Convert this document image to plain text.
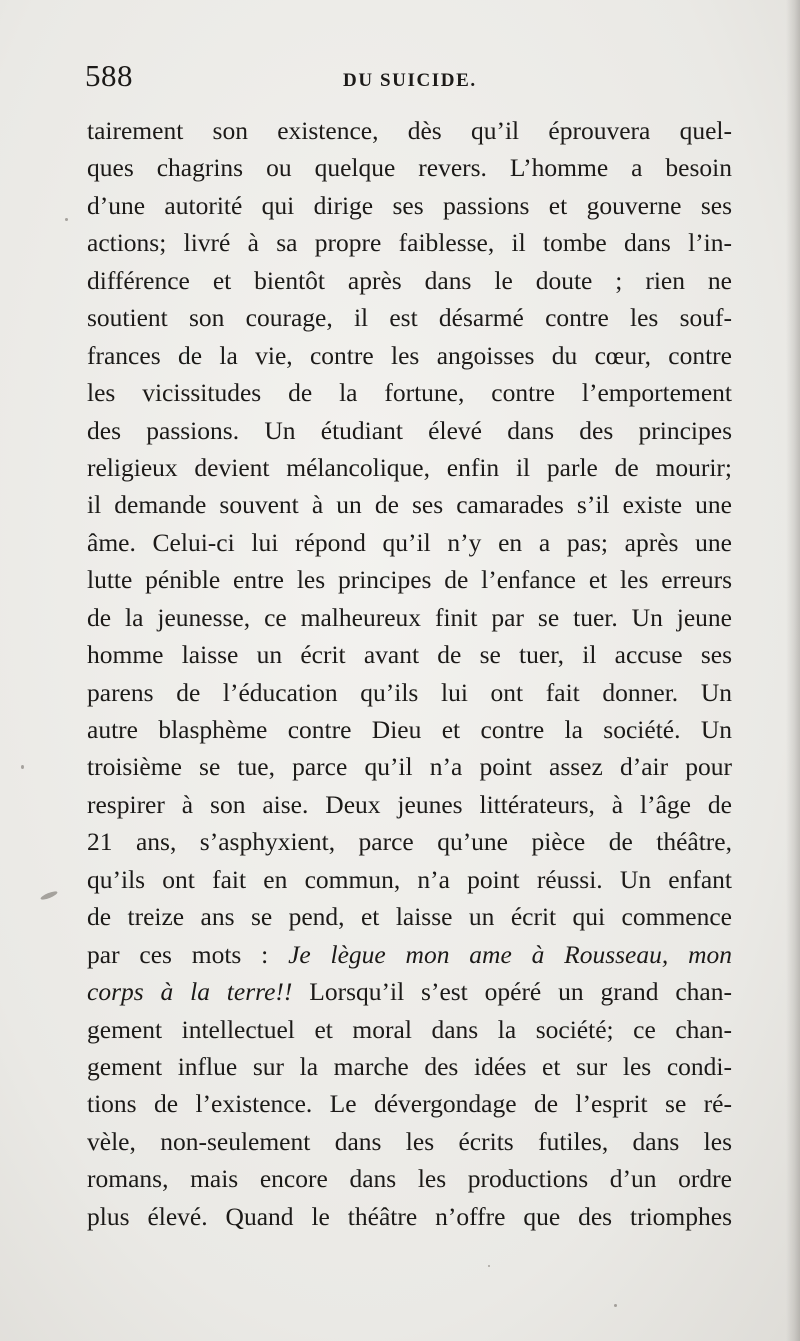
588	DU SUICIDE.
tairement son existence, dès qu’il éprouvera quel-
ques chagrins ou quelque revers. L’homme a besoin
d’une autorité qui dirige ses passions et gouverne ses
actions; livré à sa propre faiblesse, il tombe dans l’in-
différence et bientôt après dans le doute ; rien ne
soutient son courage, il est désarmé contre les souf-
frances de la vie, contre les angoisses du cœur, contre
les vicissitudes de la fortune, contre l’emportement
des passions. Un étudiant élevé dans des principes
religieux devient mélancolique, enfin il parle de mourir;
il demande souvent à un de ses camarades s’il existe une
âme. Celui-ci lui répond qu’il n’y en a pas; après une
lutte pénible entre les principes de l’enfance et les erreurs
de la jeunesse, ce malheureux finit par se tuer. Un jeune
homme laisse un écrit avant de se tuer, il accuse ses
parens de l’éducation qu’ils lui ont fait donner. Un
autre blasphème contre Dieu et contre la société. Un
troisième se tue, parce qu’il n’a point assez d’air pour
respirer à son aise. Deux jeunes littérateurs, à l’âge de
21 ans, s’asphyxient, parce qu’une pièce de théâtre,
qu’ils ont fait en commun, n’a point réussi. Un enfant
de treize ans se pend, et laisse un écrit qui commence
par ces mots : Je lègue mon ame à Rousseau, mon
corps à la terre!! Lorsqu’il s’est opéré un grand chan-
gement intellectuel et moral dans la société; ce chan-
gement influe sur la marche des idées et sur les condi-
tions de l’existence. Le dévergondage de l’esprit se ré-
vèle, non-seulement dans les écrits futiles, dans les
romans, mais encore dans les productions d’un ordre
plus élevé. Quand le théâtre n’offre que des triomphes
